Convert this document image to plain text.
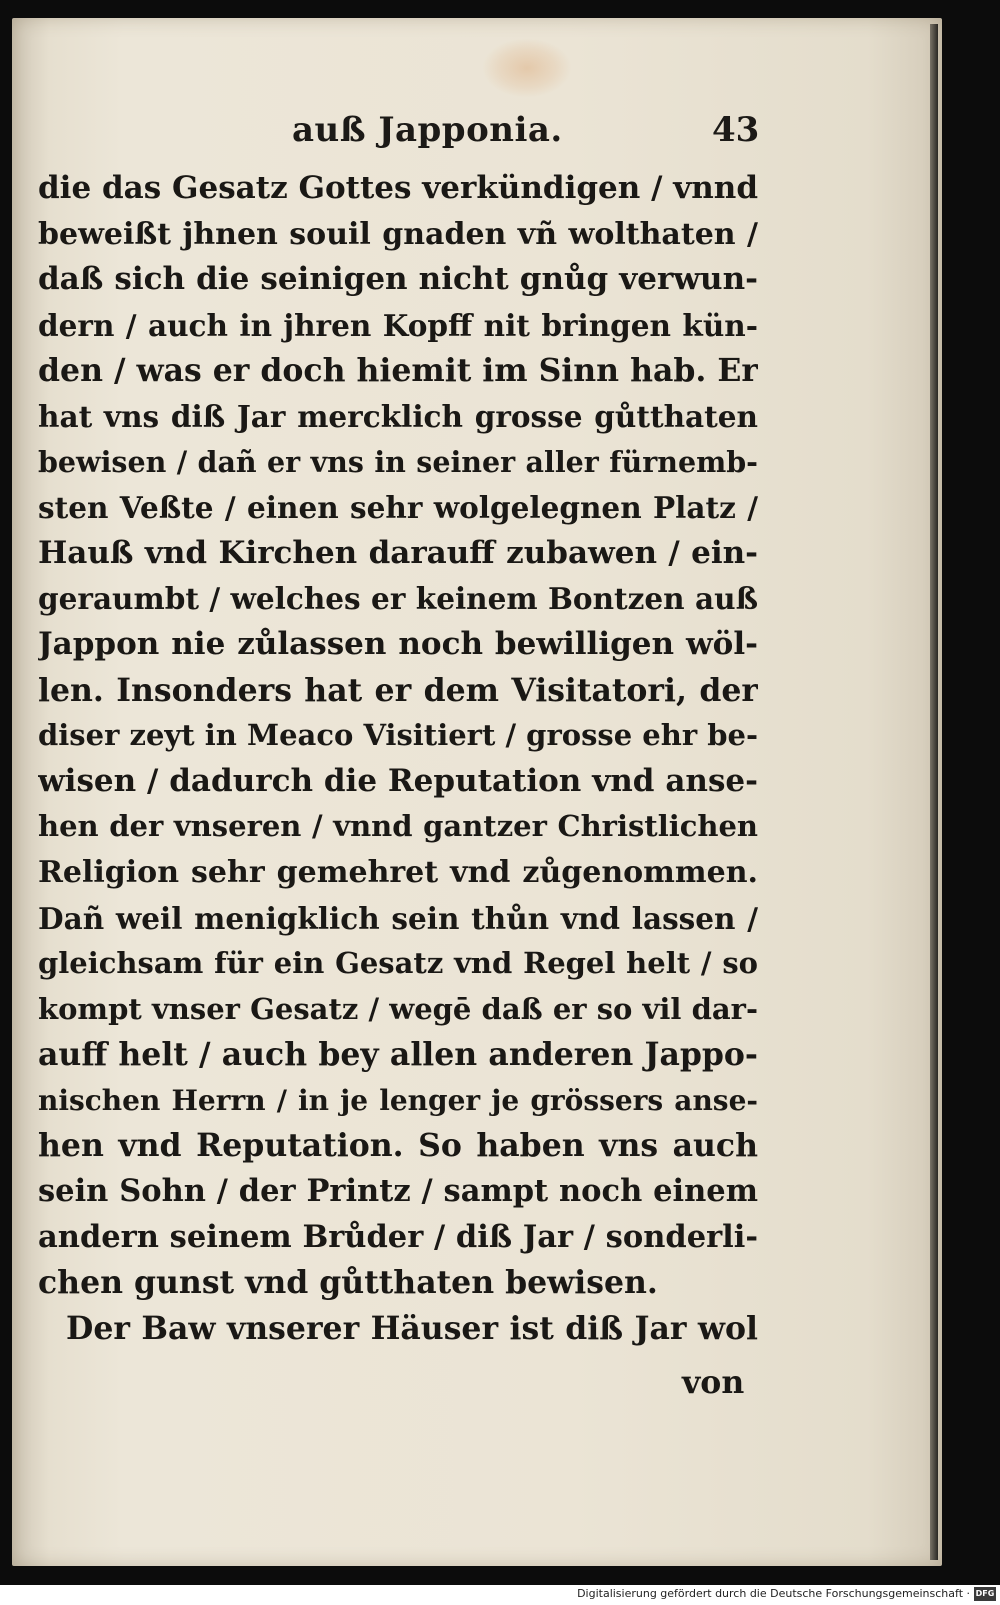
auß Japponia.	43
die das Gesatz Gottes verkündigen / vnnd
beweißt jhnen souil gnaden vñ wolthaten /
daß sich die seinigen nicht gnůg verwun-
dern / auch in jhren Kopff nit bringen kün-
den / was er doch hiemit im Sinn hab. Er
hat vns diß Jar mercklich grosse gůtthaten
bewisen / dañ er vns in seiner aller fürnemb-
sten Veßte / einen sehr wolgelegnen Platz /
Hauß vnd Kirchen darauff zubawen / ein-
geraumbt / welches er keinem Bontzen auß
Jappon nie zůlassen noch bewilligen wöl-
len. Insonders hat er dem Visitatori, der
diser zeyt in Meaco Visitiert / grosse ehr be-
wisen / dadurch die Reputation vnd anse-
hen der vnseren / vnnd gantzer Christlichen
Religion sehr gemehret vnd zůgenommen.
Dañ weil menigklich sein thůn vnd lassen /
gleichsam für ein Gesatz vnd Regel helt / so
kompt vnser Gesatz / wegē daß er so vil dar-
auff helt / auch bey allen anderen Jappo-
nischen Herrn / in je lenger je grössers anse-
hen vnd Reputation. So haben vns auch
sein Sohn / der Printz / sampt noch einem
andern seinem Brůder / diß Jar / sonderli-
chen gunst vnd gůtthaten bewisen.
Der Baw vnserer Häuser ist diß Jar wol
von
Digitalisierung gefördert durch die Deutsche Forschungsgemeinschaft · DFG
